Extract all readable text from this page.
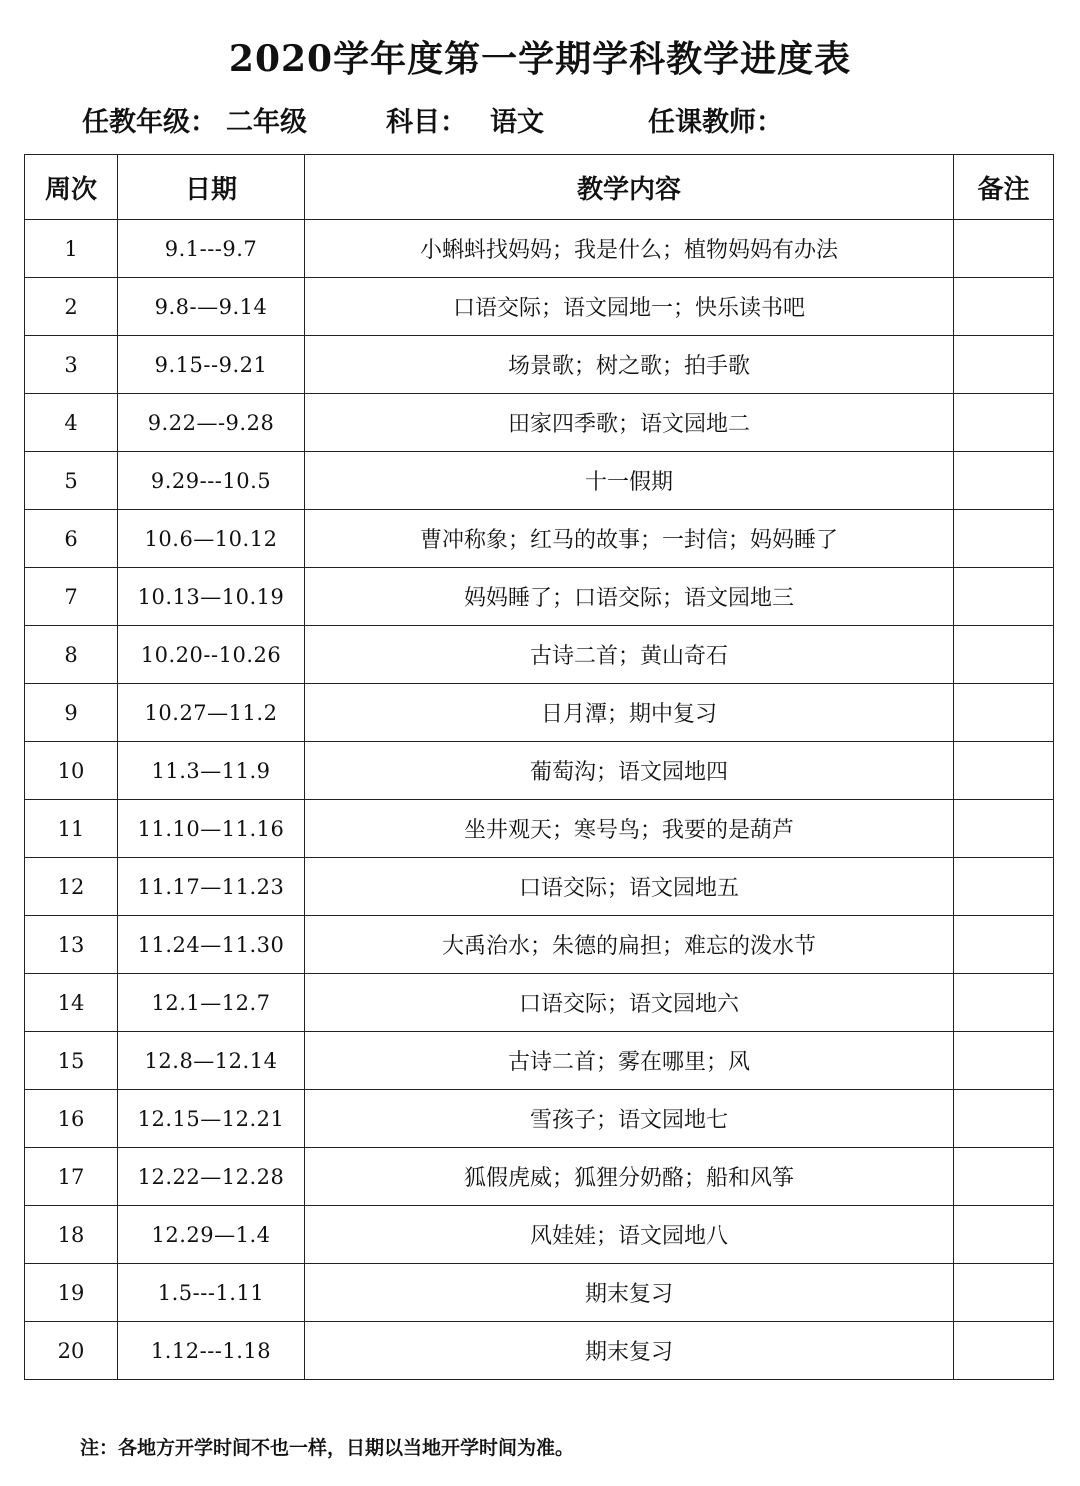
2020学年度第一学期学科教学进度表
任教年级： 二年级	科目： 语文	任课教师：
周次	日期	教学内容	备注
1	9.1---9.7	小蝌蚪找妈妈；我是什么；植物妈妈有办法	
2	9.8-—9.14	口语交际；语文园地一；快乐读书吧	
3	9.15--9.21	场景歌；树之歌；拍手歌	
4	9.22—-9.28	田家四季歌；语文园地二	
5	9.29---10.5	十一假期	
6	10.6—10.12	曹冲称象；红马的故事；一封信；妈妈睡了	
7	10.13—10.19	妈妈睡了；口语交际；语文园地三	
8	10.20--10.26	古诗二首；黄山奇石	
9	10.27—11.2	日月潭；期中复习	
10	11.3—11.9	葡萄沟；语文园地四	
11	11.10—11.16	坐井观天；寒号鸟；我要的是葫芦	
12	11.17—11.23	口语交际；语文园地五	
13	11.24—11.30	大禹治水；朱德的扁担；难忘的泼水节	
14	12.1—12.7	口语交际；语文园地六	
15	12.8—12.14	古诗二首；雾在哪里；风	
16	12.15—12.21	雪孩子；语文园地七	
17	12.22—12.28	狐假虎威；狐狸分奶酪；船和风筝	
18	12.29—1.4	风娃娃；语文园地八	
19	1.5---1.11	期末复习	
20	1.12---1.18	期末复习	
注：各地方开学时间不也一样，日期以当地开学时间为准。
